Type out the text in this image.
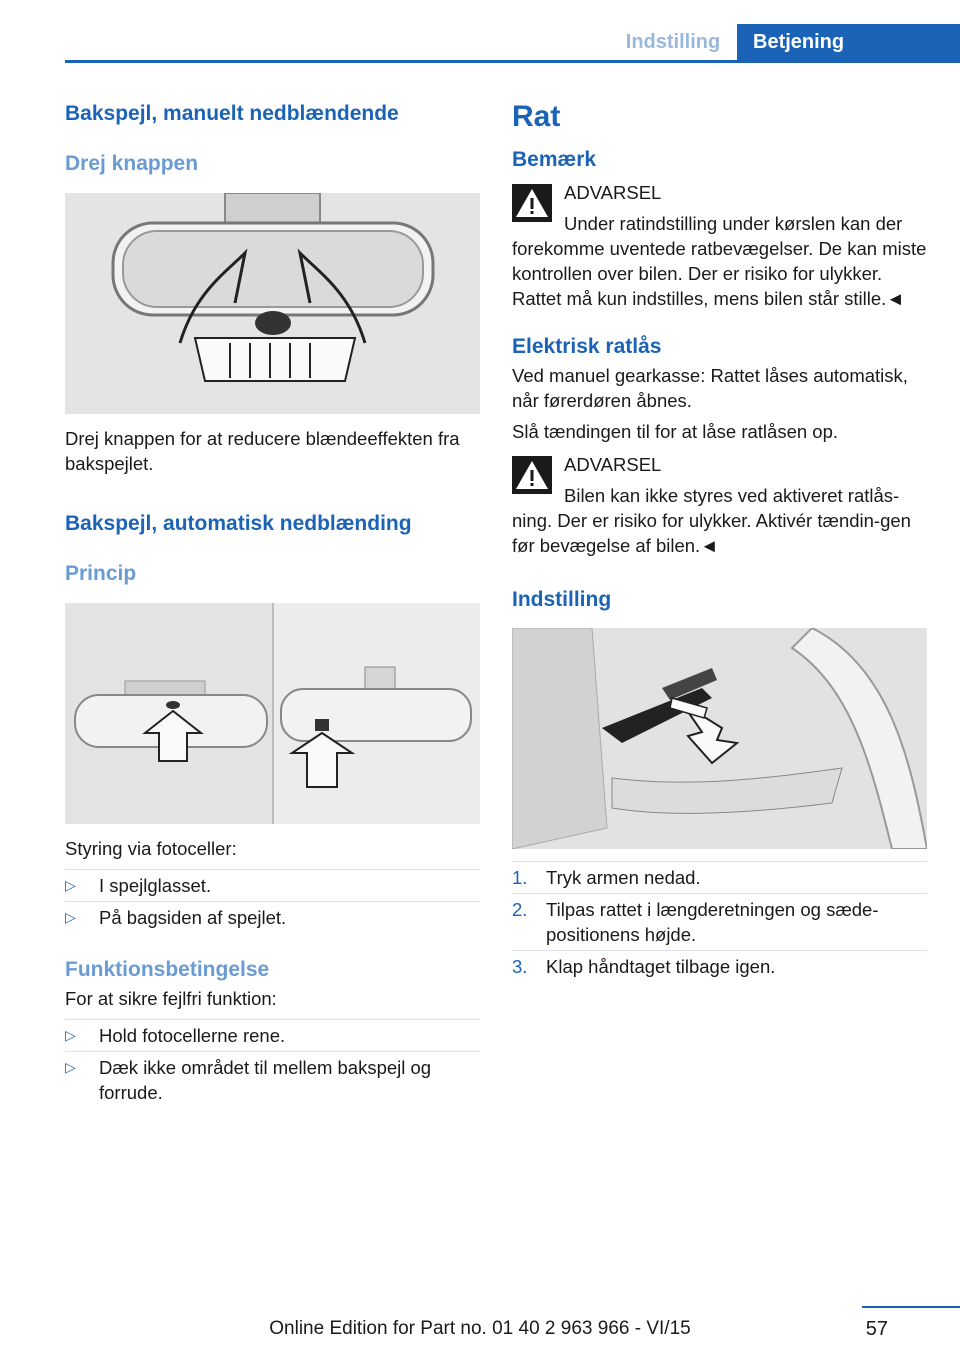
Indstilling	Betjening

Bakspejl, manuelt nedblændende

Drej knappen

Drej knappen for at reducere blændeeffekten fra bakspejlet.

Bakspejl, automatisk nedblænding

Princip

Styring via fotoceller:

▷ I spejlglasset.
▷ På bagsiden af spejlet.

Funktionsbetingelse

For at sikre fejlfri funktion:

▷ Hold fotocellerne rene.
▷ Dæk ikke området til mellem bakspejl og forrude.

Rat

Bemærk

ADVARSEL
Under ratindstilling under kørslen kan der
forekomme uventede ratbevægelser. De kan miste kontrollen over bilen. Der er risiko for ulykker. Rattet må kun indstilles, mens bilen står stille.◄

Elektrisk ratlås

Ved manuel gearkasse: Rattet låses automatisk, når førerdøren åbnes.

Slå tændingen til for at låse ratlåsen op.

ADVARSEL
Bilen kan ikke styres ved aktiveret ratlås‐
ning. Der er risiko for ulykker. Aktivér tændin‐gen før bevægelse af bilen.◄

Indstilling

1. Tryk armen nedad.
2. Tilpas rattet i længderetningen og sæde‐positionens højde.
3. Klap håndtaget tilbage igen.
57
Online Edition for Part no. 01 40 2 963 966 - VI/15
